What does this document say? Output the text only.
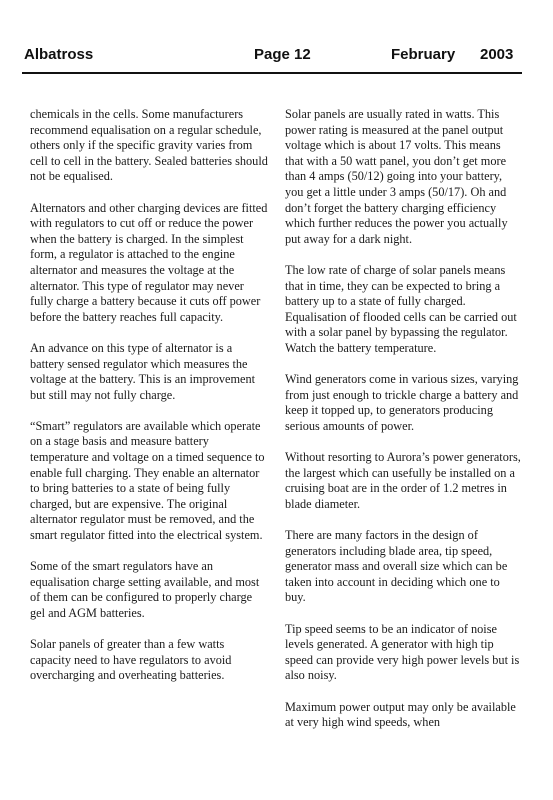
Albatross	Page 12	February 2003

chemicals in the cells. Some manufacturers recommend equalisation on a regular schedule, others only if the specific gravity varies from cell to cell in the battery. Sealed batteries should not be equalised.

Alternators and other charging devices are fitted with regulators to cut off or reduce the power when the battery is charged. In the simplest form, a regulator is attached to the engine alternator and measures the voltage at the alternator. This type of regulator may never fully charge a battery because it cuts off power before the battery reaches full capacity.

An advance on this type of alternator is a battery sensed regulator which measures the voltage at the battery. This is an improvement but still may not fully charge.

“Smart” regulators are available which operate on a stage basis and measure battery temperature and voltage on a timed sequence to enable full charging. They enable an alternator to bring batteries to a state of being fully charged, but are expensive. The original alternator regulator must be removed, and the smart regulator fitted into the electrical system.

Some of the smart regulators have an equalisation charge setting available, and most of them can be configured to properly charge gel and AGM batteries.

Solar panels of greater than a few watts capacity need to have regulators to avoid overcharging and overheating batteries.

Solar panels are usually rated in watts. This power rating is measured at the panel output voltage which is about 17 volts. This means that with a 50 watt panel, you don’t get more than 4 amps (50/12) going into your battery, you get a little under 3 amps (50/17). Oh and don’t forget the battery charging efficiency which further reduces the power you actually put away for a dark night.

The low rate of charge of solar panels means that in time, they can be expected to bring a battery up to a state of fully charged. Equalisation of flooded cells can be carried out with a solar panel by bypassing the regulator. Watch the battery temperature.

Wind generators come in various sizes, varying from just enough to trickle charge a battery and keep it topped up, to generators producing serious amounts of power.

Without resorting to Aurora’s power generators, the largest which can usefully be installed on a cruising boat are in the order of 1.2 metres in blade diameter.

There are many factors in the design of generators including blade area, tip speed, generator mass and overall size which can be taken into account in deciding which one to buy.

Tip speed seems to be an indicator of noise levels generated. A generator with high tip speed can provide very high power levels but is also noisy.

Maximum power output may only be available at very high wind speeds, when
